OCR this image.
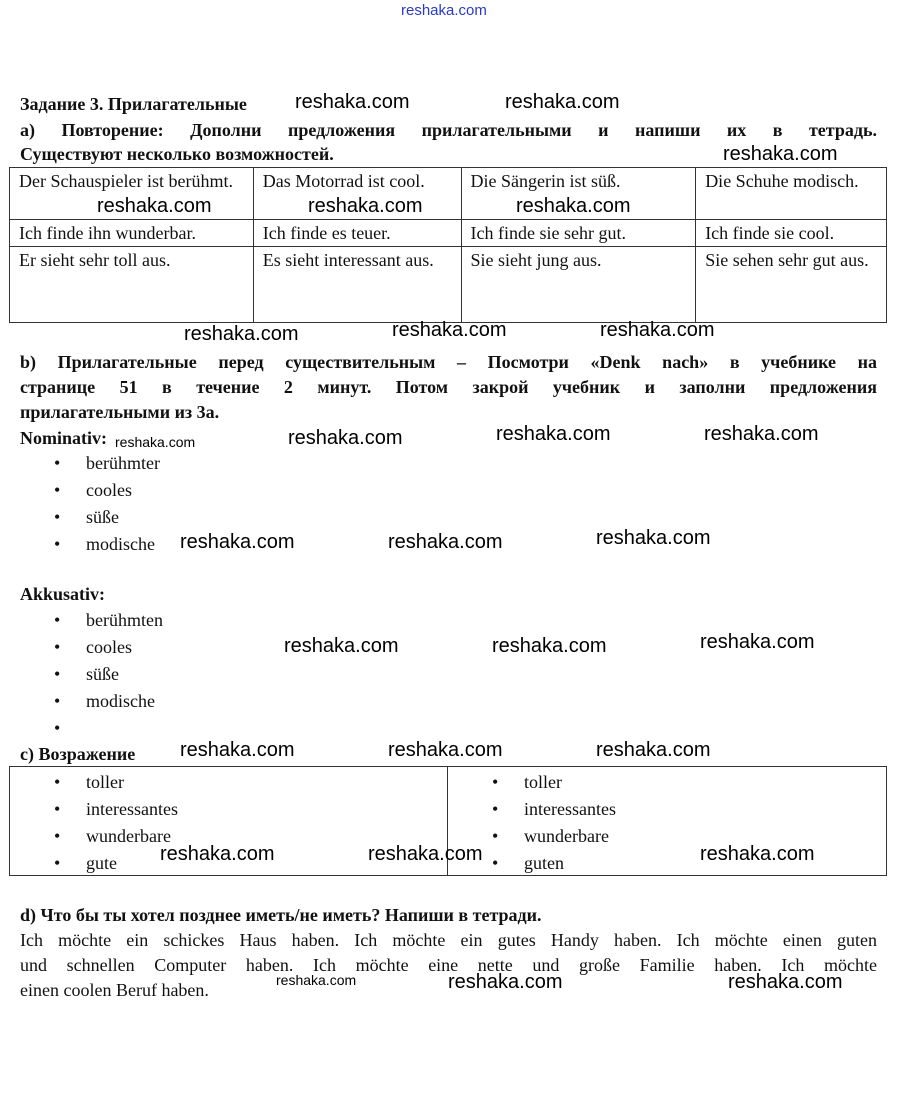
reshaka.com
Задание 3. Прилагательные
а) Повторение: Дополни предложения прилагательными и напиши их в тетрадь.
Существуют несколько возможностей.
Der Schauspieler ist berühmt.	Das Motorrad ist cool.	Die Sängerin ist süß.	Die Schuhe modisch.
Ich finde ihn wunderbar.	Ich finde es teuer.	Ich finde sie sehr gut.	Ich finde sie cool.
Er sieht sehr toll aus.	Es sieht interessant aus.	Sie sieht jung aus.	Sie sehen sehr gut aus.
b) Прилагательные перед существительным – Посмотри «Denk nach» в учебнике на
странице 51 в течение 2 минут. Потом закрой учебник и заполни предложения
прилагательными из 3a.
Nominativ:
• berühmter
• cooles
• süße
• modische
Akkusativ:
• berühmten
• cooles
• süße
• modische
•
c) Возражение
• toller
• interessantes
• wunderbare
• gute
• toller
• interessantes
• wunderbare
• guten
d) Что бы ты хотел позднее иметь/не иметь? Напиши в тетради.
Ich möchte ein schickes Haus haben. Ich möchte ein gutes Handy haben. Ich möchte einen guten
und schnellen Computer haben. Ich möchte eine nette und große Familie haben. Ich möchte
einen coolen Beruf haben.
reshaka.com	reshaka.com
reshaka.com
reshaka.com	reshaka.com	reshaka.com
reshaka.com	reshaka.com	reshaka.com
reshaka.com	reshaka.com	reshaka.com	reshaka.com
reshaka.com	reshaka.com	reshaka.com
reshaka.com	reshaka.com	reshaka.com
reshaka.com	reshaka.com	reshaka.com
reshaka.com	reshaka.com	reshaka.com
reshaka.com	reshaka.com	reshaka.com
